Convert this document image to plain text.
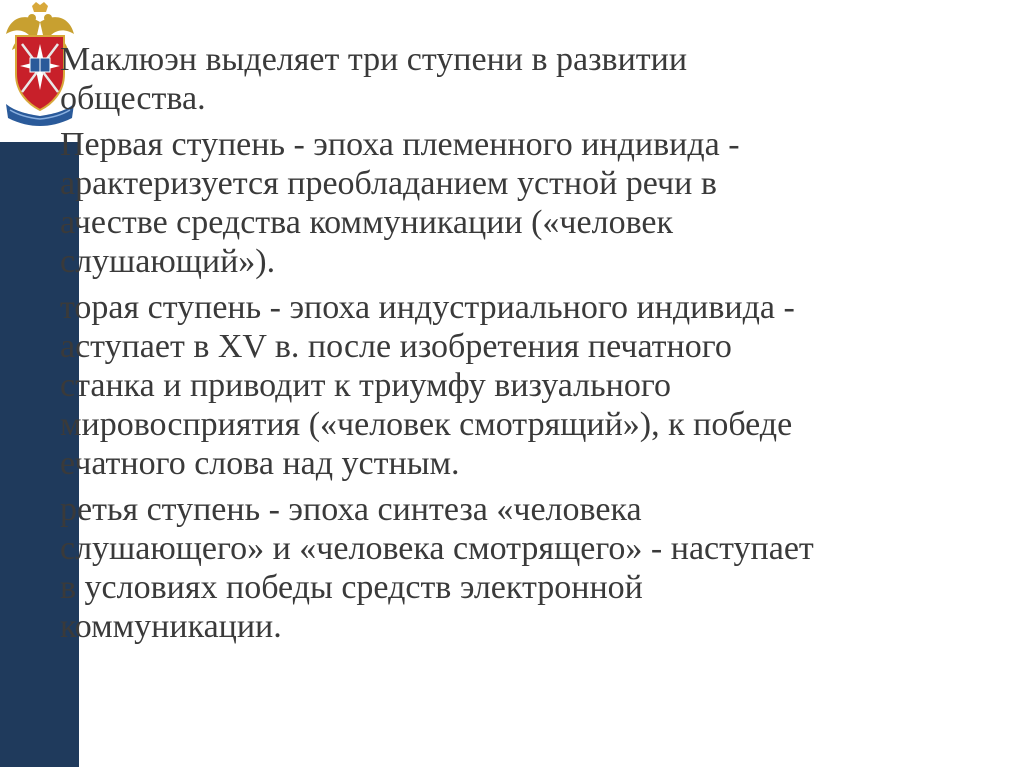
Маклюэн выделяет три ступени в развитии
общества.

Первая ступень - эпоха племенного индивида -
арактеризуется преобладанием устной речи в
ачестве средства коммуникации («человек
слушающий»).

торая ступень - эпоха индустриального индивида -
аступает в XV в. после изобретения печатного
станка и приводит к триумфу визуального
мировосприятия («человек смотрящий»), к победе
ечатного слова над устным.

ретья ступень - эпоха синтеза «человека
слушающего» и «человека смотрящего» - наступает
в условиях победы средств электронной
коммуникации.
